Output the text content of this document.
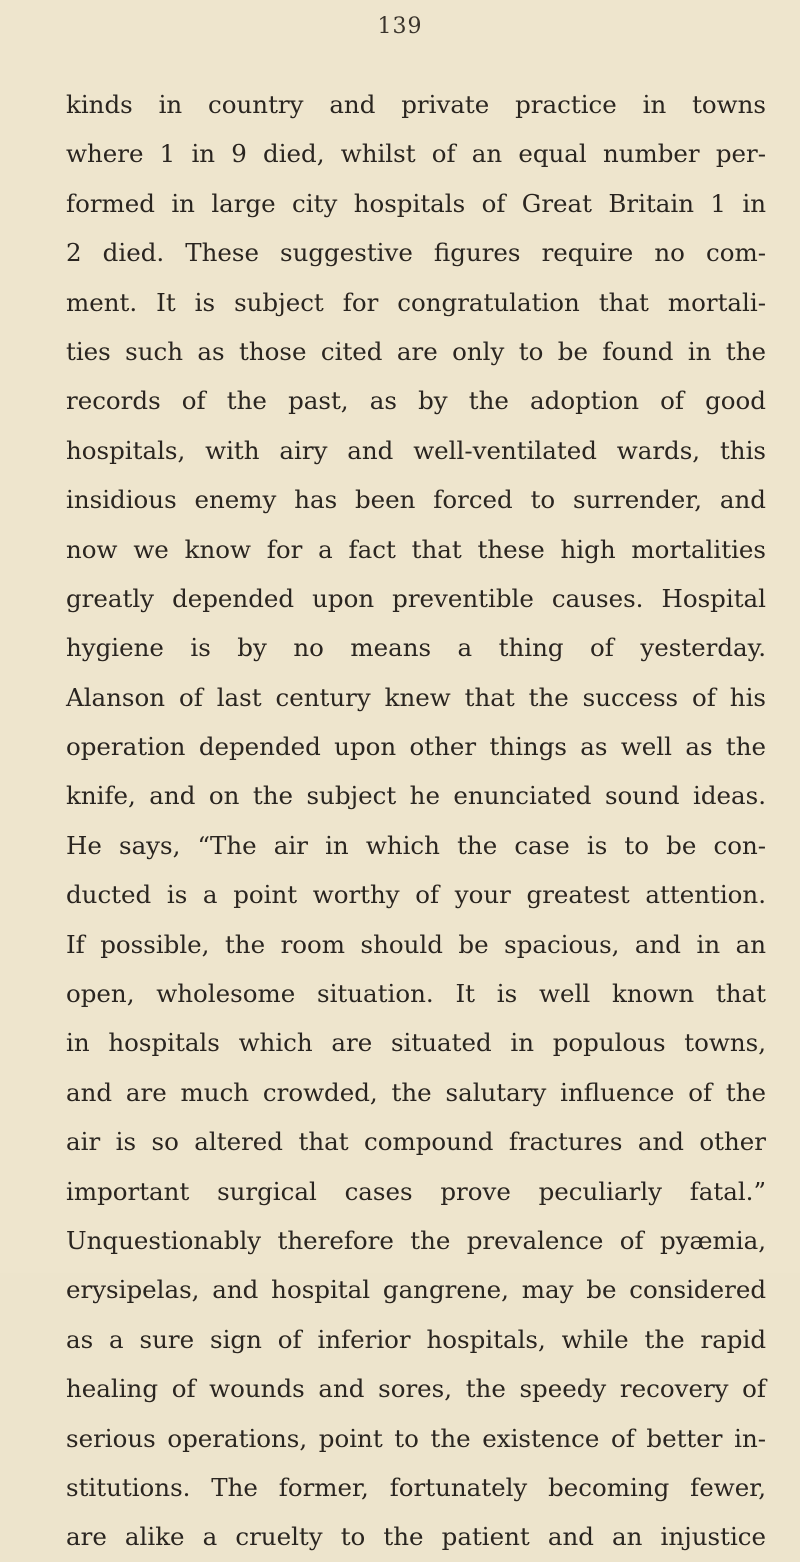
139
kinds in country and private practice in towns
where 1 in 9 died, whilst of an equal number per-
formed in large city hospitals of Great Britain 1 in
2 died. These suggestive figures require no com-
ment. It is subject for congratulation that mortali-
ties such as those cited are only to be found in the
records of the past, as by the adoption of good
hospitals, with airy and well-ventilated wards, this
insidious enemy has been forced to surrender, and
now we know for a fact that these high mortalities
greatly depended upon preventible causes. Hospital
hygiene is by no means a thing of yesterday.
Alanson of last century knew that the success of his
operation depended upon other things as well as the
knife, and on the subject he enunciated sound ideas.
He says, “The air in which the case is to be con-
ducted is a point worthy of your greatest attention.
If possible, the room should be spacious, and in an
open, wholesome situation. It is well known that
in hospitals which are situated in populous towns,
and are much crowded, the salutary influence of the
air is so altered that compound fractures and other
important surgical cases prove peculiarly fatal.”
Unquestionably therefore the prevalence of pyæmia,
erysipelas, and hospital gangrene, may be considered
as a sure sign of inferior hospitals, while the rapid
healing of wounds and sores, the speedy recovery of
serious operations, point to the existence of better in-
stitutions. The former, fortunately becoming fewer,
are alike a cruelty to the patient and an injustice
